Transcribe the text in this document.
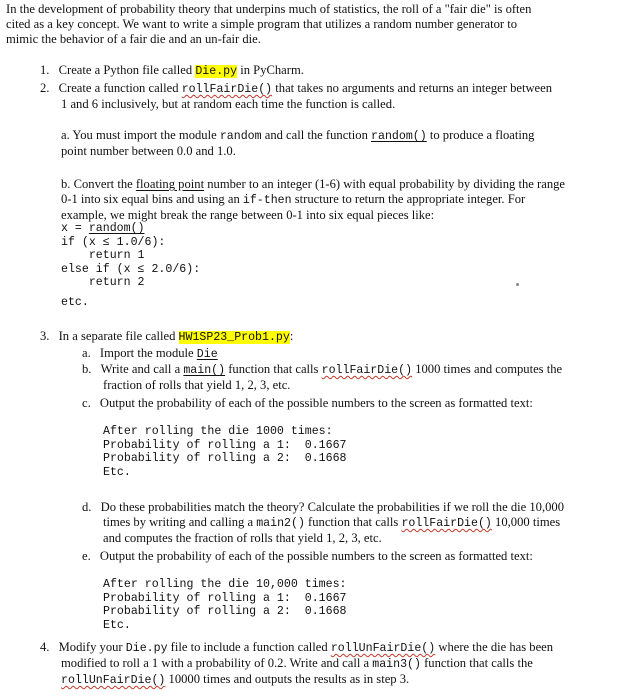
In the development of probability theory that underpins much of statistics, the roll of a "fair die" is often
cited as a key concept. We want to write a simple program that utilizes a random number generator to
mimic the behavior of a fair die and an un-fair die.
1. Create a Python file called Die.py in PyCharm.
2. Create a function called rollFairDie() that takes no arguments and returns an integer between
1 and 6 inclusively, but at random each time the function is called.
a. You must import the module random and call the function random() to produce a floating
point number between 0.0 and 1.0.
b. Convert the floating point number to an integer (1-6) with equal probability by dividing the range
0-1 into six equal bins and using an if-then structure to return the appropriate integer. For
example, we might break the range between 0-1 into six equal pieces like:
x = random()
if (x ≤ 1.0/6):
return 1
else if (x ≤ 2.0/6):
return 2
etc.
3. In a separate file called HW1SP23_Prob1.py:
a. Import the module Die
b. Write and call a main() function that calls rollFairDie() 1000 times and computes the
fraction of rolls that yield 1, 2, 3, etc.
c. Output the probability of each of the possible numbers to the screen as formatted text:
After rolling the die 1000 times:
Probability of rolling a 1:  0.1667
Probability of rolling a 2:  0.1668
Etc.
d. Do these probabilities match the theory? Calculate the probabilities if we roll the die 10,000
times by writing and calling a main2() function that calls rollFairDie() 10,000 times
and computes the fraction of rolls that yield 1, 2, 3, etc.
e. Output the probability of each of the possible numbers to the screen as formatted text:
After rolling the die 10,000 times:
Probability of rolling a 1:  0.1667
Probability of rolling a 2:  0.1668
Etc.
4. Modify your Die.py file to include a function called rollUnFairDie() where the die has been
modified to roll a 1 with a probability of 0.2. Write and call a main3() function that calls the
rollUnFairDie() 10000 times and outputs the results as in step 3.
